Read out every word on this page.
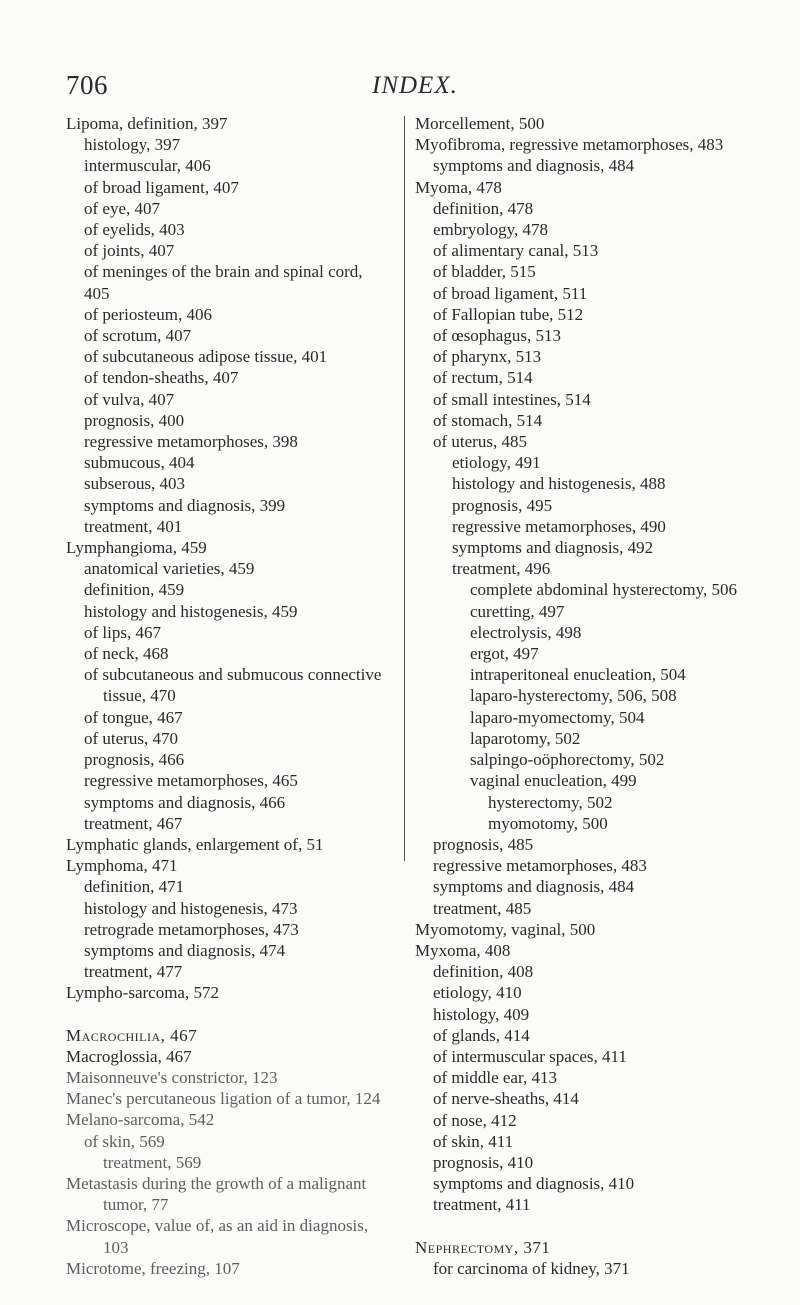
706	INDEX.

Lipoma, definition, 397

histology, 397

intermuscular, 406

of broad ligament, 407

of eye, 407

of eyelids, 403

of joints, 407

of meninges of the brain and spinal cord,

405

of periosteum, 406

of scrotum, 407

of subcutaneous adipose tissue, 401

of tendon-sheaths, 407

of vulva, 407

prognosis, 400

regressive metamorphoses, 398

submucous, 404

subserous, 403

symptoms and diagnosis, 399

treatment, 401

Lymphangioma, 459

anatomical varieties, 459

definition, 459

histology and histogenesis, 459

of lips, 467

of neck, 468

of subcutaneous and submucous connective

tissue, 470

of tongue, 467

of uterus, 470

prognosis, 466

regressive metamorphoses, 465

symptoms and diagnosis, 466

treatment, 467

Lymphatic glands, enlargement of, 51

Lymphoma, 471

definition, 471

histology and histogenesis, 473

retrograde metamorphoses, 473

symptoms and diagnosis, 474

treatment, 477

Lympho-sarcoma, 572

Macrochilia, 467

Macroglossia, 467

Maisonneuve's constrictor, 123

Manec's percutaneous ligation of a tumor, 124

Melano-sarcoma, 542

of skin, 569

treatment, 569

Metastasis during the growth of a malignant

tumor, 77

Microscope, value of, as an aid in diagnosis,

103

Microtome, freezing, 107

Morcellement, 500

Myofibroma, regressive metamorphoses, 483

symptoms and diagnosis, 484

Myoma, 478

definition, 478

embryology, 478

of alimentary canal, 513

of bladder, 515

of broad ligament, 511

of Fallopian tube, 512

of œsophagus, 513

of pharynx, 513

of rectum, 514

of small intestines, 514

of stomach, 514

of uterus, 485

etiology, 491

histology and histogenesis, 488

prognosis, 495

regressive metamorphoses, 490

symptoms and diagnosis, 492

treatment, 496

complete abdominal hysterectomy, 506

curetting, 497

electrolysis, 498

ergot, 497

intraperitoneal enucleation, 504

laparo-hysterectomy, 506, 508

laparo-myomectomy, 504

laparotomy, 502

salpingo-oöphorectomy, 502

vaginal enucleation, 499

hysterectomy, 502

myomotomy, 500

prognosis, 485

regressive metamorphoses, 483

symptoms and diagnosis, 484

treatment, 485

Myomotomy, vaginal, 500

Myxoma, 408

definition, 408

etiology, 410

histology, 409

of glands, 414

of intermuscular spaces, 411

of middle ear, 413

of nerve-sheaths, 414

of nose, 412

of skin, 411

prognosis, 410

symptoms and diagnosis, 410

treatment, 411

Nephrectomy, 371

for carcinoma of kidney, 371
